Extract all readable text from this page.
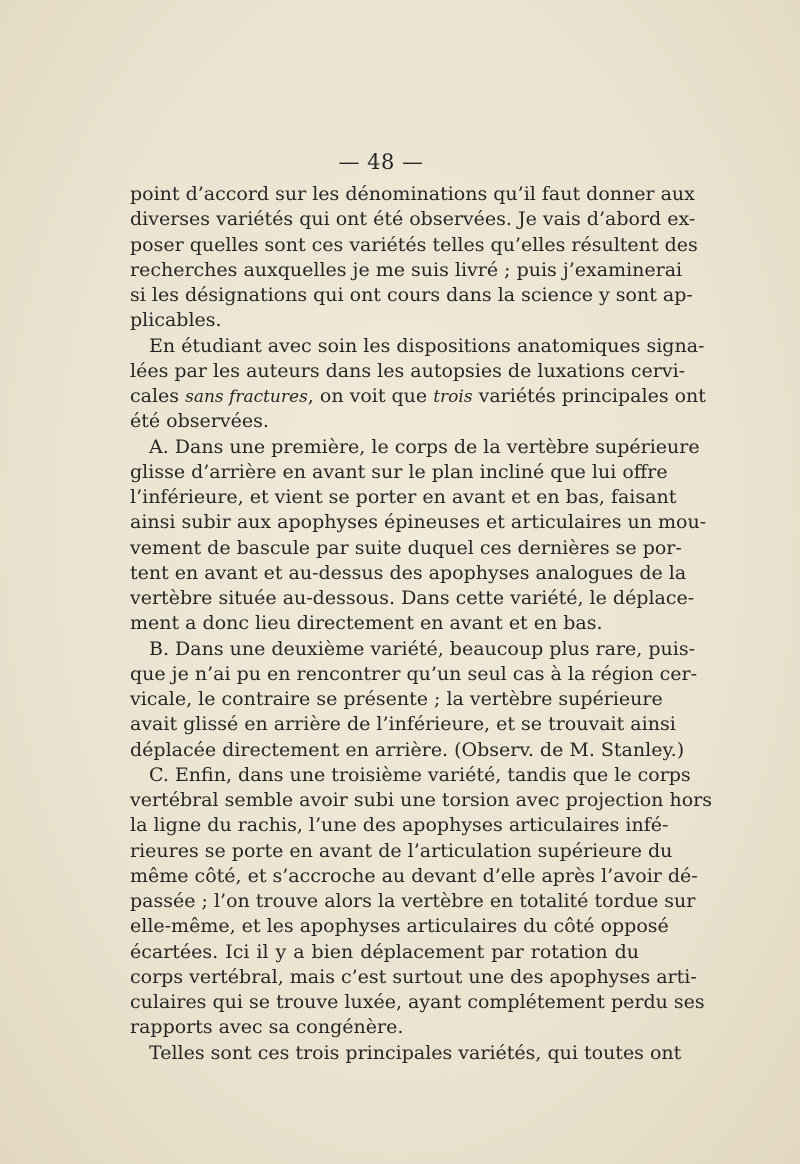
— 48 —
point d’accord sur les dénominations qu’il faut donner aux
diverses variétés qui ont été observées. Je vais d’abord ex-
poser quelles sont ces variétés telles qu’elles résultent des
recherches auxquelles je me suis livré ; puis j’examinerai
si les désignations qui ont cours dans la science y sont ap-
plicables.
En étudiant avec soin les dispositions anatomiques signa-
lées par les auteurs dans les autopsies de luxations cervi-
cales sans fractures, on voit que trois variétés principales ont
été observées.
A. Dans une première, le corps de la vertèbre supérieure
glisse d’arrière en avant sur le plan incliné que lui offre
l’inférieure, et vient se porter en avant et en bas, faisant
ainsi subir aux apophyses épineuses et articulaires un mou-
vement de bascule par suite duquel ces dernières se por-
tent en avant et au-dessus des apophyses analogues de la
vertèbre située au-dessous. Dans cette variété, le déplace-
ment a donc lieu directement en avant et en bas.
B. Dans une deuxième variété, beaucoup plus rare, puis-
que je n’ai pu en rencontrer qu’un seul cas à la région cer-
vicale, le contraire se présente ; la vertèbre supérieure
avait glissé en arrière de l’inférieure, et se trouvait ainsi
déplacée directement en arrière. (Observ. de M. Stanley.)
C. Enfin, dans une troisième variété, tandis que le corps
vertébral semble avoir subi une torsion avec projection hors
la ligne du rachis, l’une des apophyses articulaires infé-
rieures se porte en avant de l’articulation supérieure du
même côté, et s’accroche au devant d’elle après l’avoir dé-
passée ; l’on trouve alors la vertèbre en totalité tordue sur
elle-même, et les apophyses articulaires du côté opposé
écartées. Ici il y a bien déplacement par rotation du
corps vertébral, mais c’est surtout une des apophyses arti-
culaires qui se trouve luxée, ayant complétement perdu ses
rapports avec sa congénère.
Telles sont ces trois principales variétés, qui toutes ont
